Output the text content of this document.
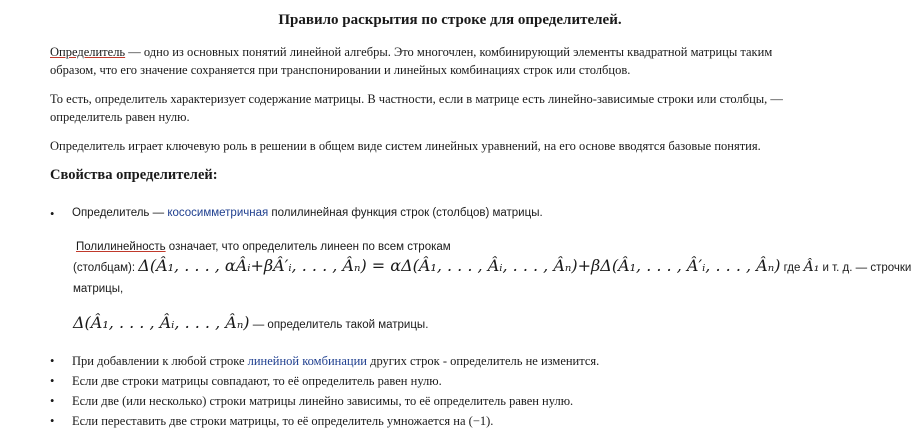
Правило раскрытия по строке для определителей.
Определитель — одно из основных понятий линейной алгебры. Это многочлен, комбинирующий элементы квадратной матрицы таким
образом, что его значение сохраняется при транспонировании и линейных комбинациях строк или столбцов.
То есть, определитель характеризует содержание матрицы. В частности, если в матрице есть линейно-зависимые строки или столбцы, —
определитель равен нулю.
Определитель играет ключевую роль в решении в общем виде систем линейных уравнений, на его основе вводятся базовые понятия.
Свойства определителей:
• Определитель — кососимметричная полилинейная функция строк (столбцов) матрицы.
Полилинейность означает, что определитель линеен по всем строкам
(столбцам): Δ(Â₁, . . . , αÂᵢ+βÂ′ᵢ, . . . , Âₙ) = αΔ(Â₁, . . . , Âᵢ, . . . , Âₙ)+βΔ(Â₁, . . . , Â′ᵢ, . . . , Âₙ) где Â₁ и т. д. — строчки
матрицы,
Δ(Â₁, . . . , Âᵢ, . . . , Âₙ) — определитель такой матрицы.
• При добавлении к любой строке линейной комбинации других строк - определитель не изменится.
• Если две строки матрицы совпадают, то её определитель равен нулю.
• Если две (или несколько) строки матрицы линейно зависимы, то её определитель равен нулю.
• Если переставить две строки матрицы, то её определитель умножается на (−1).
